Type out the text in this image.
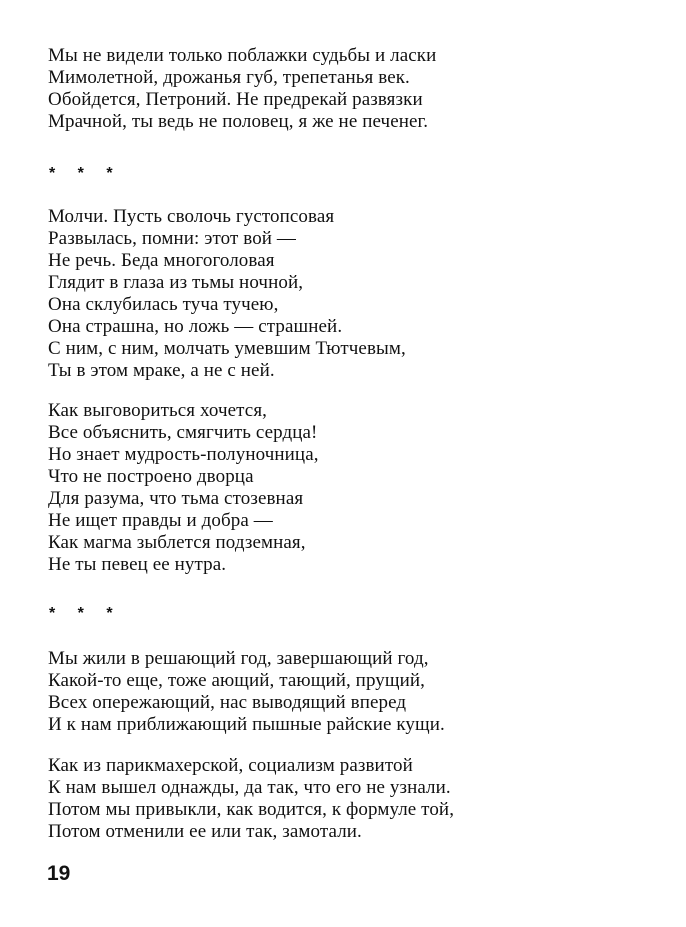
Мы не видели только поблажки судьбы и ласки
Мимолетной, дрожанья губ, трепетанья век.
Обойдется, Петроний. Не предрекай развязки
Мрачной, ты ведь не половец, я же не печенег.
* * *
Молчи. Пусть сволочь густопсовая
Развылась, помни: этот вой —
Не речь. Беда многоголовая
Глядит в глаза из тьмы ночной,
Она склубилась туча тучею,
Она страшна, но ложь — страшней.
С ним, с ним, молчать умевшим Тютчевым,
Ты в этом мраке, а не с ней.
Как выговориться хочется,
Все объяснить, смягчить сердца!
Но знает мудрость-полуночница,
Что не построено дворца
Для разума, что тьма стозевная
Не ищет правды и добра —
Как магма зыблется подземная,
Не ты певец ее нутра.
* * *
Мы жили в решающий год, завершающий год,
Какой-то еще, тоже ающий, тающий, прущий,
Всех опережающий, нас выводящий вперед
И к нам приближающий пышные райские кущи.
Как из парикмахерской, социализм развитой
К нам вышел однажды, да так, что его не узнали.
Потом мы привыкли, как водится, к формуле той,
Потом отменили ее или так, замотали.
19
